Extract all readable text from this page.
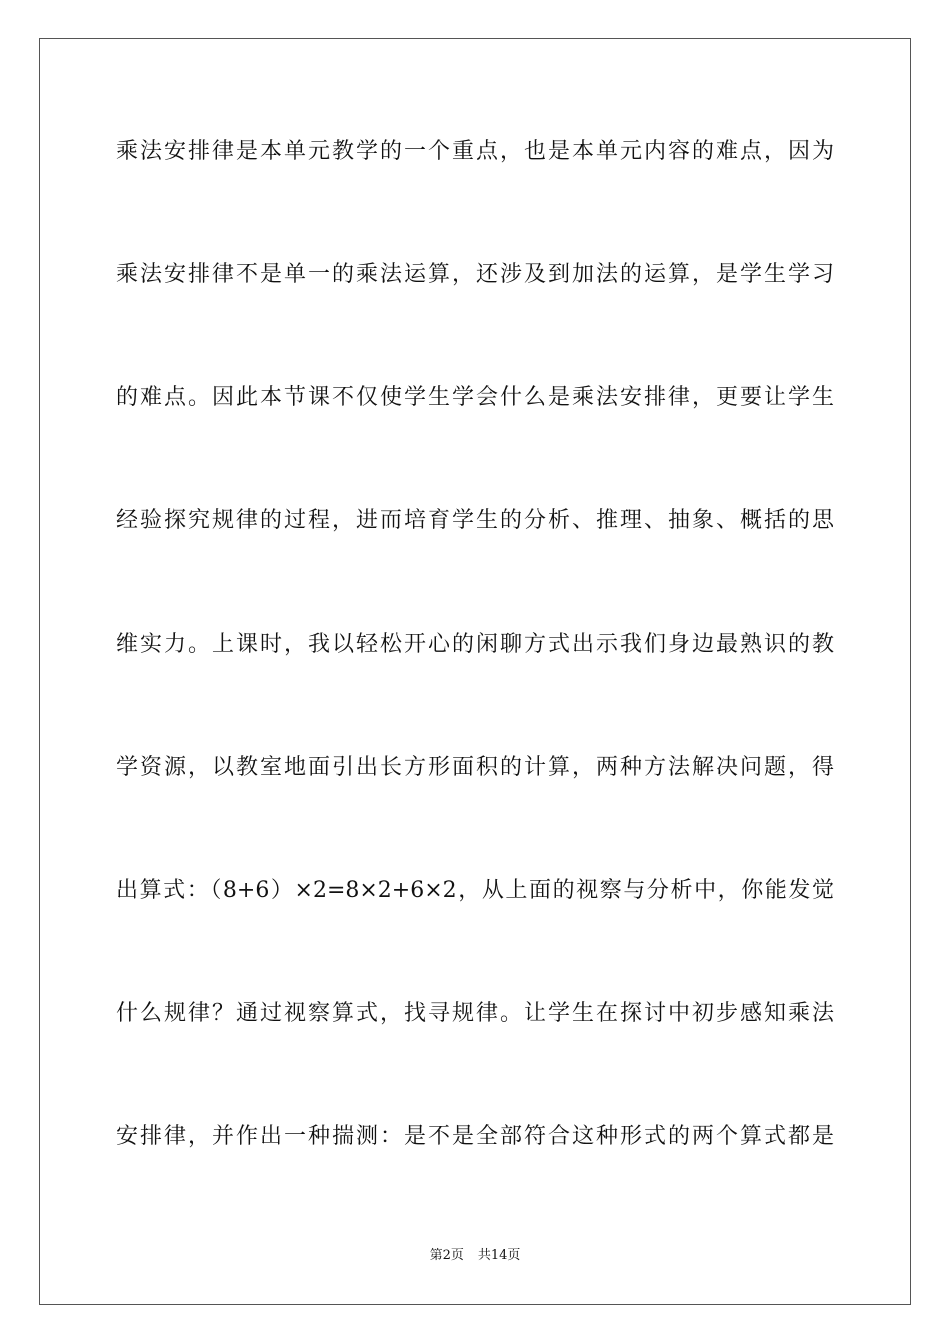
乘法安排律是本单元教学的一个重点，也是本单元内容的难点，因为
乘法安排律不是单一的乘法运算，还涉及到加法的运算，是学生学习
的难点。因此本节课不仅使学生学会什么是乘法安排律，更要让学生
经验探究规律的过程，进而培育学生的分析、推理、抽象、概括的思
维实力。上课时，我以轻松开心的闲聊方式出示我们身边最熟识的教
学资源，以教室地面引出长方形面积的计算，两种方法解决问题，得
出算式：（8+6）×2=8×2+6×2，从上面的视察与分析中，你能发觉
什么规律？通过视察算式，找寻规律。让学生在探讨中初步感知乘法
安排律，并作出一种揣测：是不是全部符合这种形式的两个算式都是
第2页 共14页
